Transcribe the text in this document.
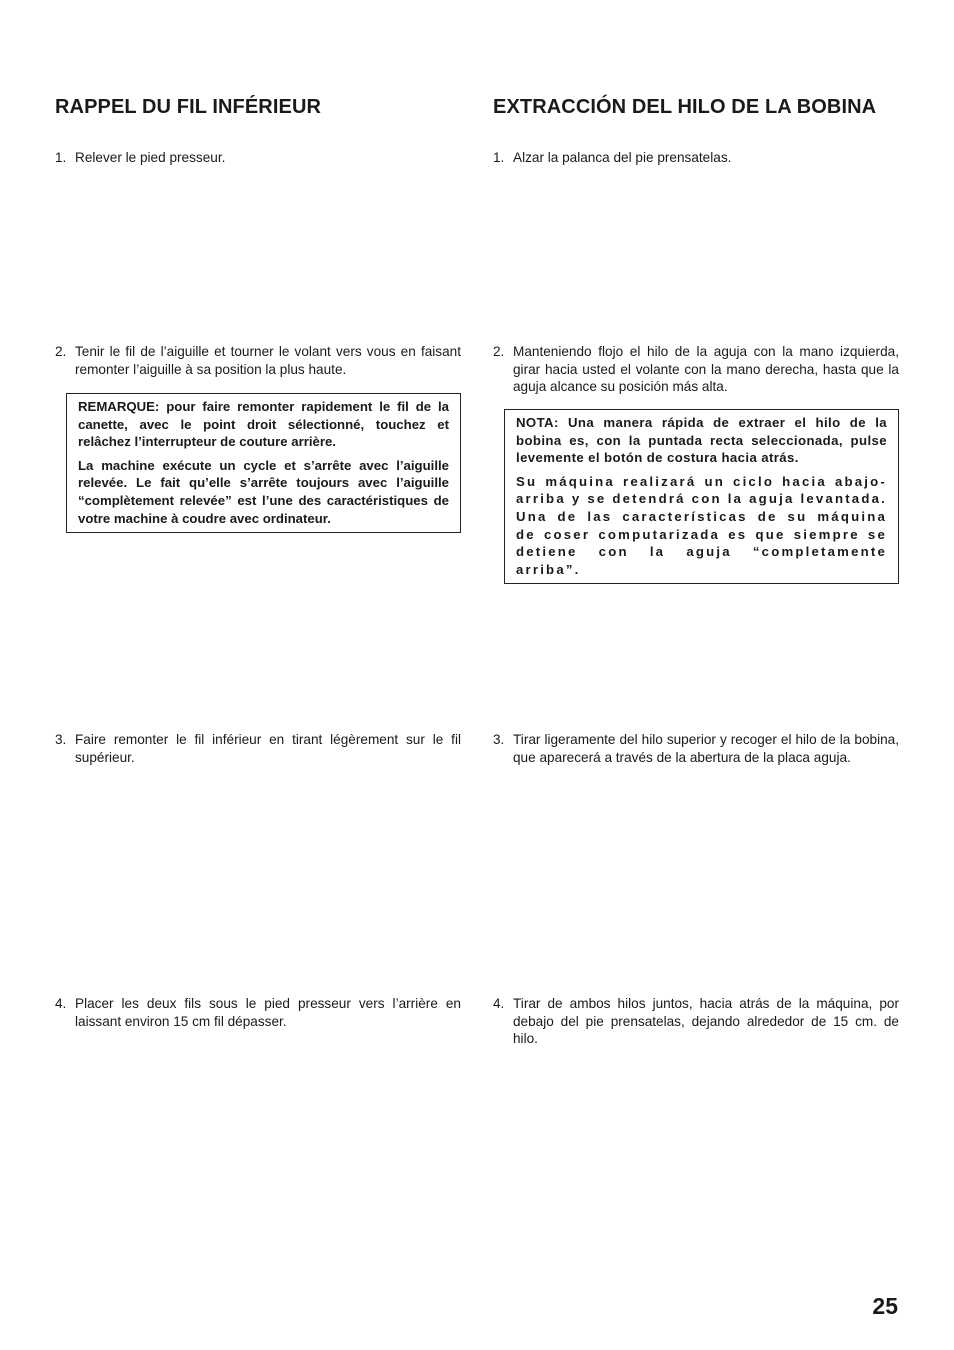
RAPPEL DU FIL INFÉRIEUR

1. Relever le pied presseur.

2. Tenir le fil de l’aiguille et tourner le volant vers vous en faisant remonter l’aiguille à sa position la plus haute.

REMARQUE: pour faire remonter rapidement le fil de la canette, avec le point droit sélectionné, touchez et relâchez l’interrupteur de couture arrière.

La machine exécute un cycle et s’arrête avec l’aiguille relevée. Le fait qu’elle s’arrête toujours avec l’aiguille “complètement relevée” est l’une des caractéristiques de votre machine à coudre avec ordinateur.

3. Faire remonter le fil inférieur en tirant légèrement sur le fil supérieur.

4. Placer les deux fils sous le pied presseur vers l’arrière en laissant environ 15 cm fil dépasser.

EXTRACCIÓN DEL HILO DE LA BOBINA

1. Alzar la palanca del pie prensatelas.

2. Manteniendo flojo el hilo de la aguja con la mano izquierda, girar hacia usted el volante con la mano derecha, hasta que la aguja alcance su posición más alta.

NOTA: Una manera rápida de extraer el hilo de la bobina es, con la puntada recta seleccionada, pulse levemente el botón de costura hacia atrás.

Su máquina realizará un ciclo hacia abajo-arriba y se detendrá con la aguja levantada. Una de las características de su máquina de coser computarizada es que siempre se detiene con la aguja “completamente arriba”.

3. Tirar ligeramente del hilo superior y recoger el hilo de la bobina, que aparecerá a través de la abertura de la placa aguja.

4. Tirar de ambos hilos juntos, hacia atrás de la máquina, por debajo del pie prensatelas, dejando alrededor de 15 cm. de hilo.

25
